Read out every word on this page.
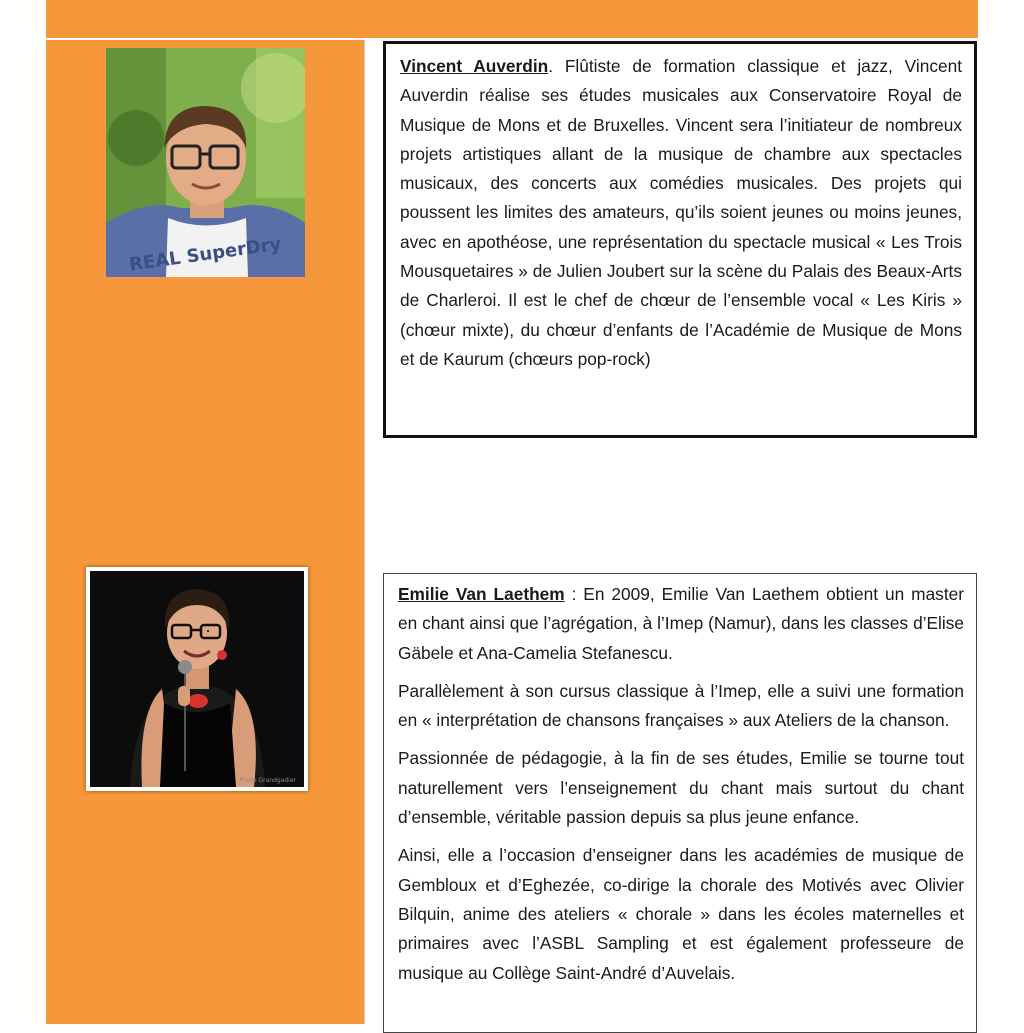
REAL SuperDry
Photo Grandgadier

Vincent Auverdin. Flûtiste de formation classique et jazz, Vincent Auverdin réalise ses études musicales aux Conservatoire Royal de Musique de Mons et de Bruxelles. Vincent sera l’initiateur de nombreux projets artistiques allant de la musique de chambre aux spectacles musicaux, des concerts aux comédies musicales. Des projets qui poussent les limites des amateurs, qu’ils soient jeunes ou moins jeunes, avec en apothéose, une représentation du spectacle musical « Les Trois Mousquetaires » de Julien Joubert sur la scène du Palais des Beaux-Arts de Charleroi. Il est le chef de chœur de l’ensemble vocal « Les Kiris » (chœur mixte), du chœur d’enfants de l’Académie de Musique de Mons et de Kaurum (chœurs pop-rock)

Emilie Van Laethem : En 2009, Emilie Van Laethem obtient un master en chant ainsi que l’agrégation, à l’Imep (Namur), dans les classes d’Elise Gäbele et Ana-Camelia Stefanescu.

Parallèlement à son cursus classique à l’Imep, elle a suivi une formation en « interprétation de chansons françaises » aux Ateliers de la chanson.

Passionnée de pédagogie, à la fin de ses études, Emilie se tourne tout naturellement vers l’enseignement du chant mais surtout du chant d’ensemble, véritable passion depuis sa plus jeune enfance.

Ainsi, elle a l’occasion d’enseigner dans les académies de musique de Gembloux et d’Eghezée, co-dirige la chorale des Motivés avec Olivier Bilquin, anime des ateliers « chorale » dans les écoles maternelles et primaires avec l’ASBL Sampling et est également professeure de musique au Collège Saint-André d’Auvelais.
